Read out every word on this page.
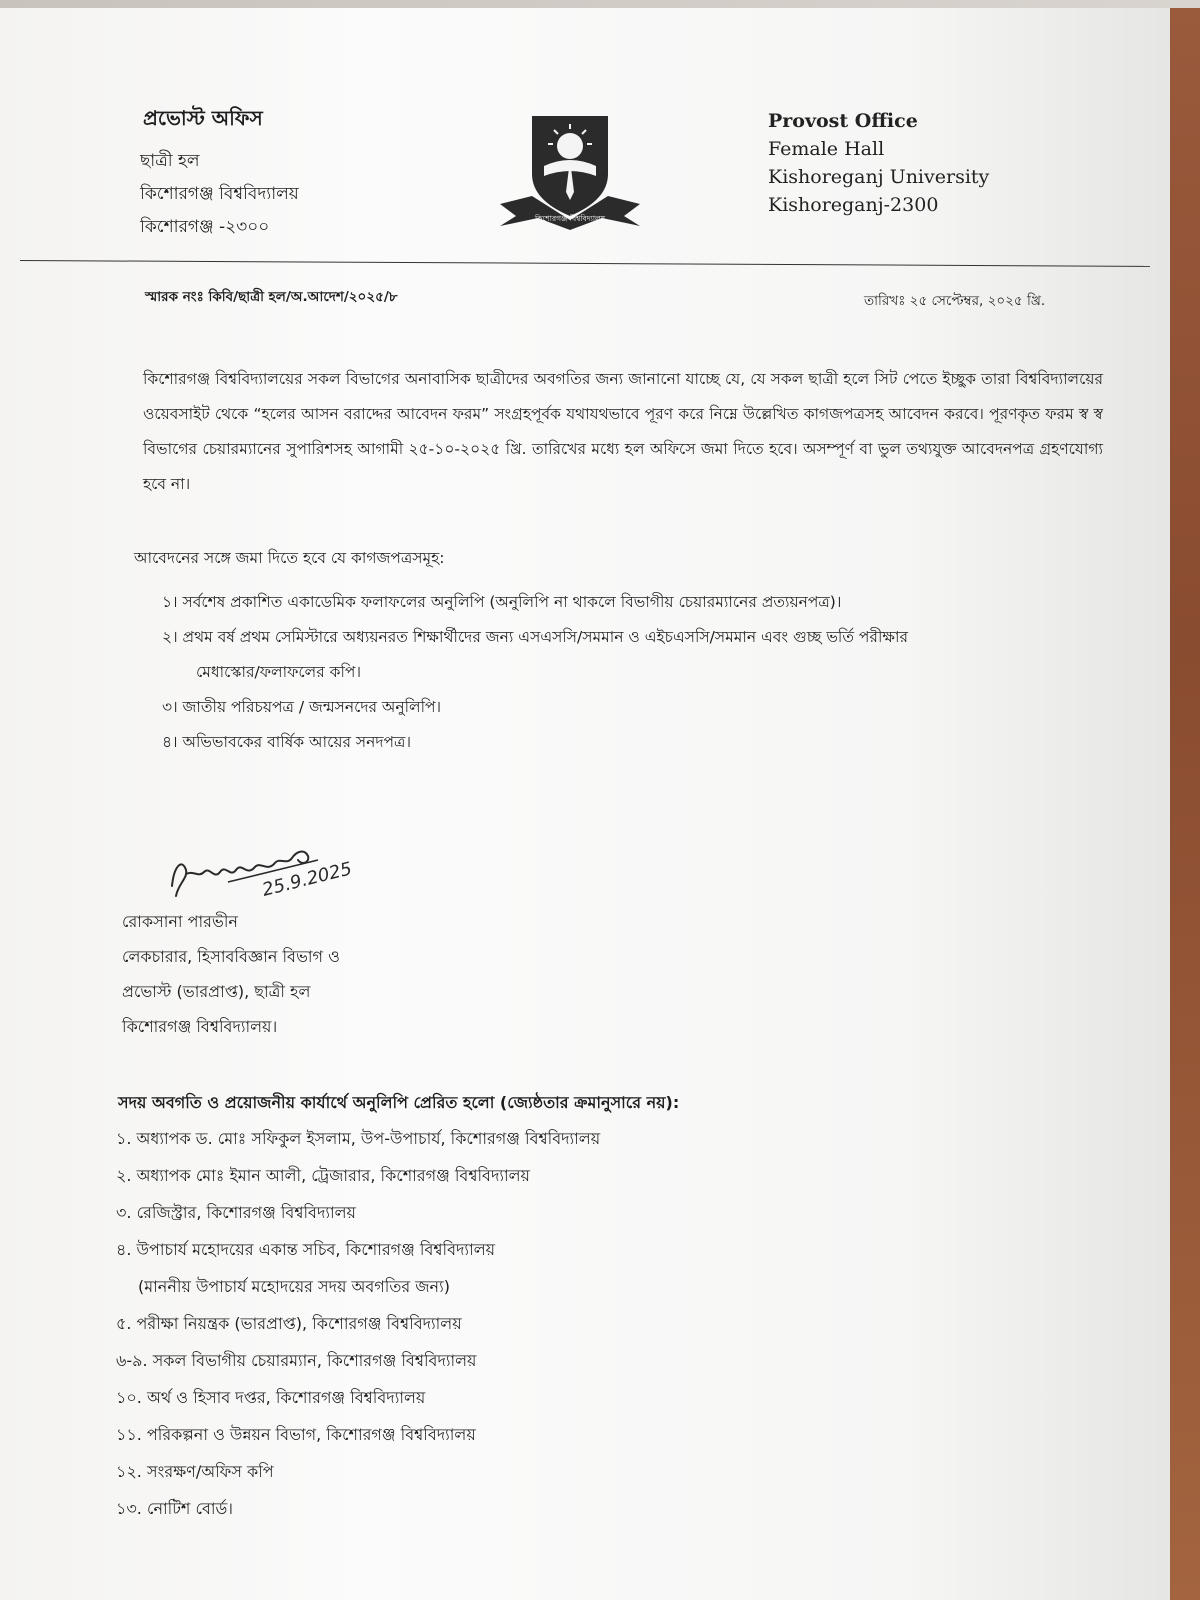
প্রভোস্ট অফিস
ছাত্রী হল
কিশোরগঞ্জ বিশ্ববিদ্যালয়
কিশোরগঞ্জ -২৩০০	কিশোরগঞ্জ বিশ্ববিদ্যালয়
Provost Office
Female Hall
Kishoreganj University
Kishoreganj-2300
স্মারক নংঃ কিবি/ছাত্রী হল/অ.আদেশ/২০২৫/৮	তারিখঃ ২৫ সেপ্টেম্বর, ২০২৫ খ্রি.
কিশোরগঞ্জ বিশ্ববিদ্যালয়ের সকল বিভাগের অনাবাসিক ছাত্রীদের অবগতির জন্য জানানো যাচ্ছে যে, যে সকল ছাত্রী হলে সিট পেতে ইচ্ছুক তারা বিশ্ববিদ্যালয়ের ওয়েবসাইট থেকে “হলের আসন বরাদ্দের আবেদন ফরম” সংগ্রহপূর্বক যথাযথভাবে পূরণ করে নিম্নে উল্লেখিত কাগজপত্রসহ আবেদন করবে। পূরণকৃত ফরম স্ব স্ব বিভাগের চেয়ারম্যানের সুপারিশসহ আগামী ২৫-১০-২০২৫ খ্রি. তারিখের মধ্যে হল অফিসে জমা দিতে হবে। অসম্পূর্ণ বা ভুল তথ্যযুক্ত আবেদনপত্র গ্রহণযোগ্য হবে না।
আবেদনের সঙ্গে জমা দিতে হবে যে কাগজপত্রসমূহ:
১। সর্বশেষ প্রকাশিত একাডেমিক ফলাফলের অনুলিপি (অনুলিপি না থাকলে বিভাগীয় চেয়ারম্যানের প্রত্যয়নপত্র)।
২। প্রথম বর্ষ প্রথম সেমিস্টারে অধ্যয়নরত শিক্ষার্থীদের জন্য এসএসসি/সমমান ও এইচএসসি/সমমান এবং গুচ্ছ ভর্তি পরীক্ষার
মেধাস্কোর/ফলাফলের কপি।
৩। জাতীয় পরিচয়পত্র / জন্মসনদের অনুলিপি।
৪। অভিভাবকের বার্ষিক আয়ের সনদপত্র।
25.9.2025
রোকসানা পারভীন
লেকচারার, হিসাববিজ্ঞান বিভাগ ও
প্রভোস্ট (ভারপ্রাপ্ত), ছাত্রী হল
কিশোরগঞ্জ বিশ্ববিদ্যালয়।
সদয় অবগতি ও প্রয়োজনীয় কার্যার্থে অনুলিপি প্রেরিত হলো (জ্যেষ্ঠতার ক্রমানুসারে নয়):
১. অধ্যাপক ড. মোঃ সফিকুল ইসলাম, উপ-উপাচার্য, কিশোরগঞ্জ বিশ্ববিদ্যালয়
২. অধ্যাপক মোঃ ইমান আলী, ট্রেজারার, কিশোরগঞ্জ বিশ্ববিদ্যালয়
৩. রেজিস্ট্রার, কিশোরগঞ্জ বিশ্ববিদ্যালয়
৪. উপাচার্য মহোদয়ের একান্ত সচিব, কিশোরগঞ্জ বিশ্ববিদ্যালয়
(মাননীয় উপাচার্য মহোদয়ের সদয় অবগতির জন্য)
৫. পরীক্ষা নিয়ন্ত্রক (ভারপ্রাপ্ত), কিশোরগঞ্জ বিশ্ববিদ্যালয়
৬-৯. সকল বিভাগীয় চেয়ারম্যান, কিশোরগঞ্জ বিশ্ববিদ্যালয়
১০. অর্থ ও হিসাব দপ্তর, কিশোরগঞ্জ বিশ্ববিদ্যালয়
১১. পরিকল্পনা ও উন্নয়ন বিভাগ, কিশোরগঞ্জ বিশ্ববিদ্যালয়
১২. সংরক্ষণ/অফিস কপি
১৩. নোটিশ বোর্ড।
